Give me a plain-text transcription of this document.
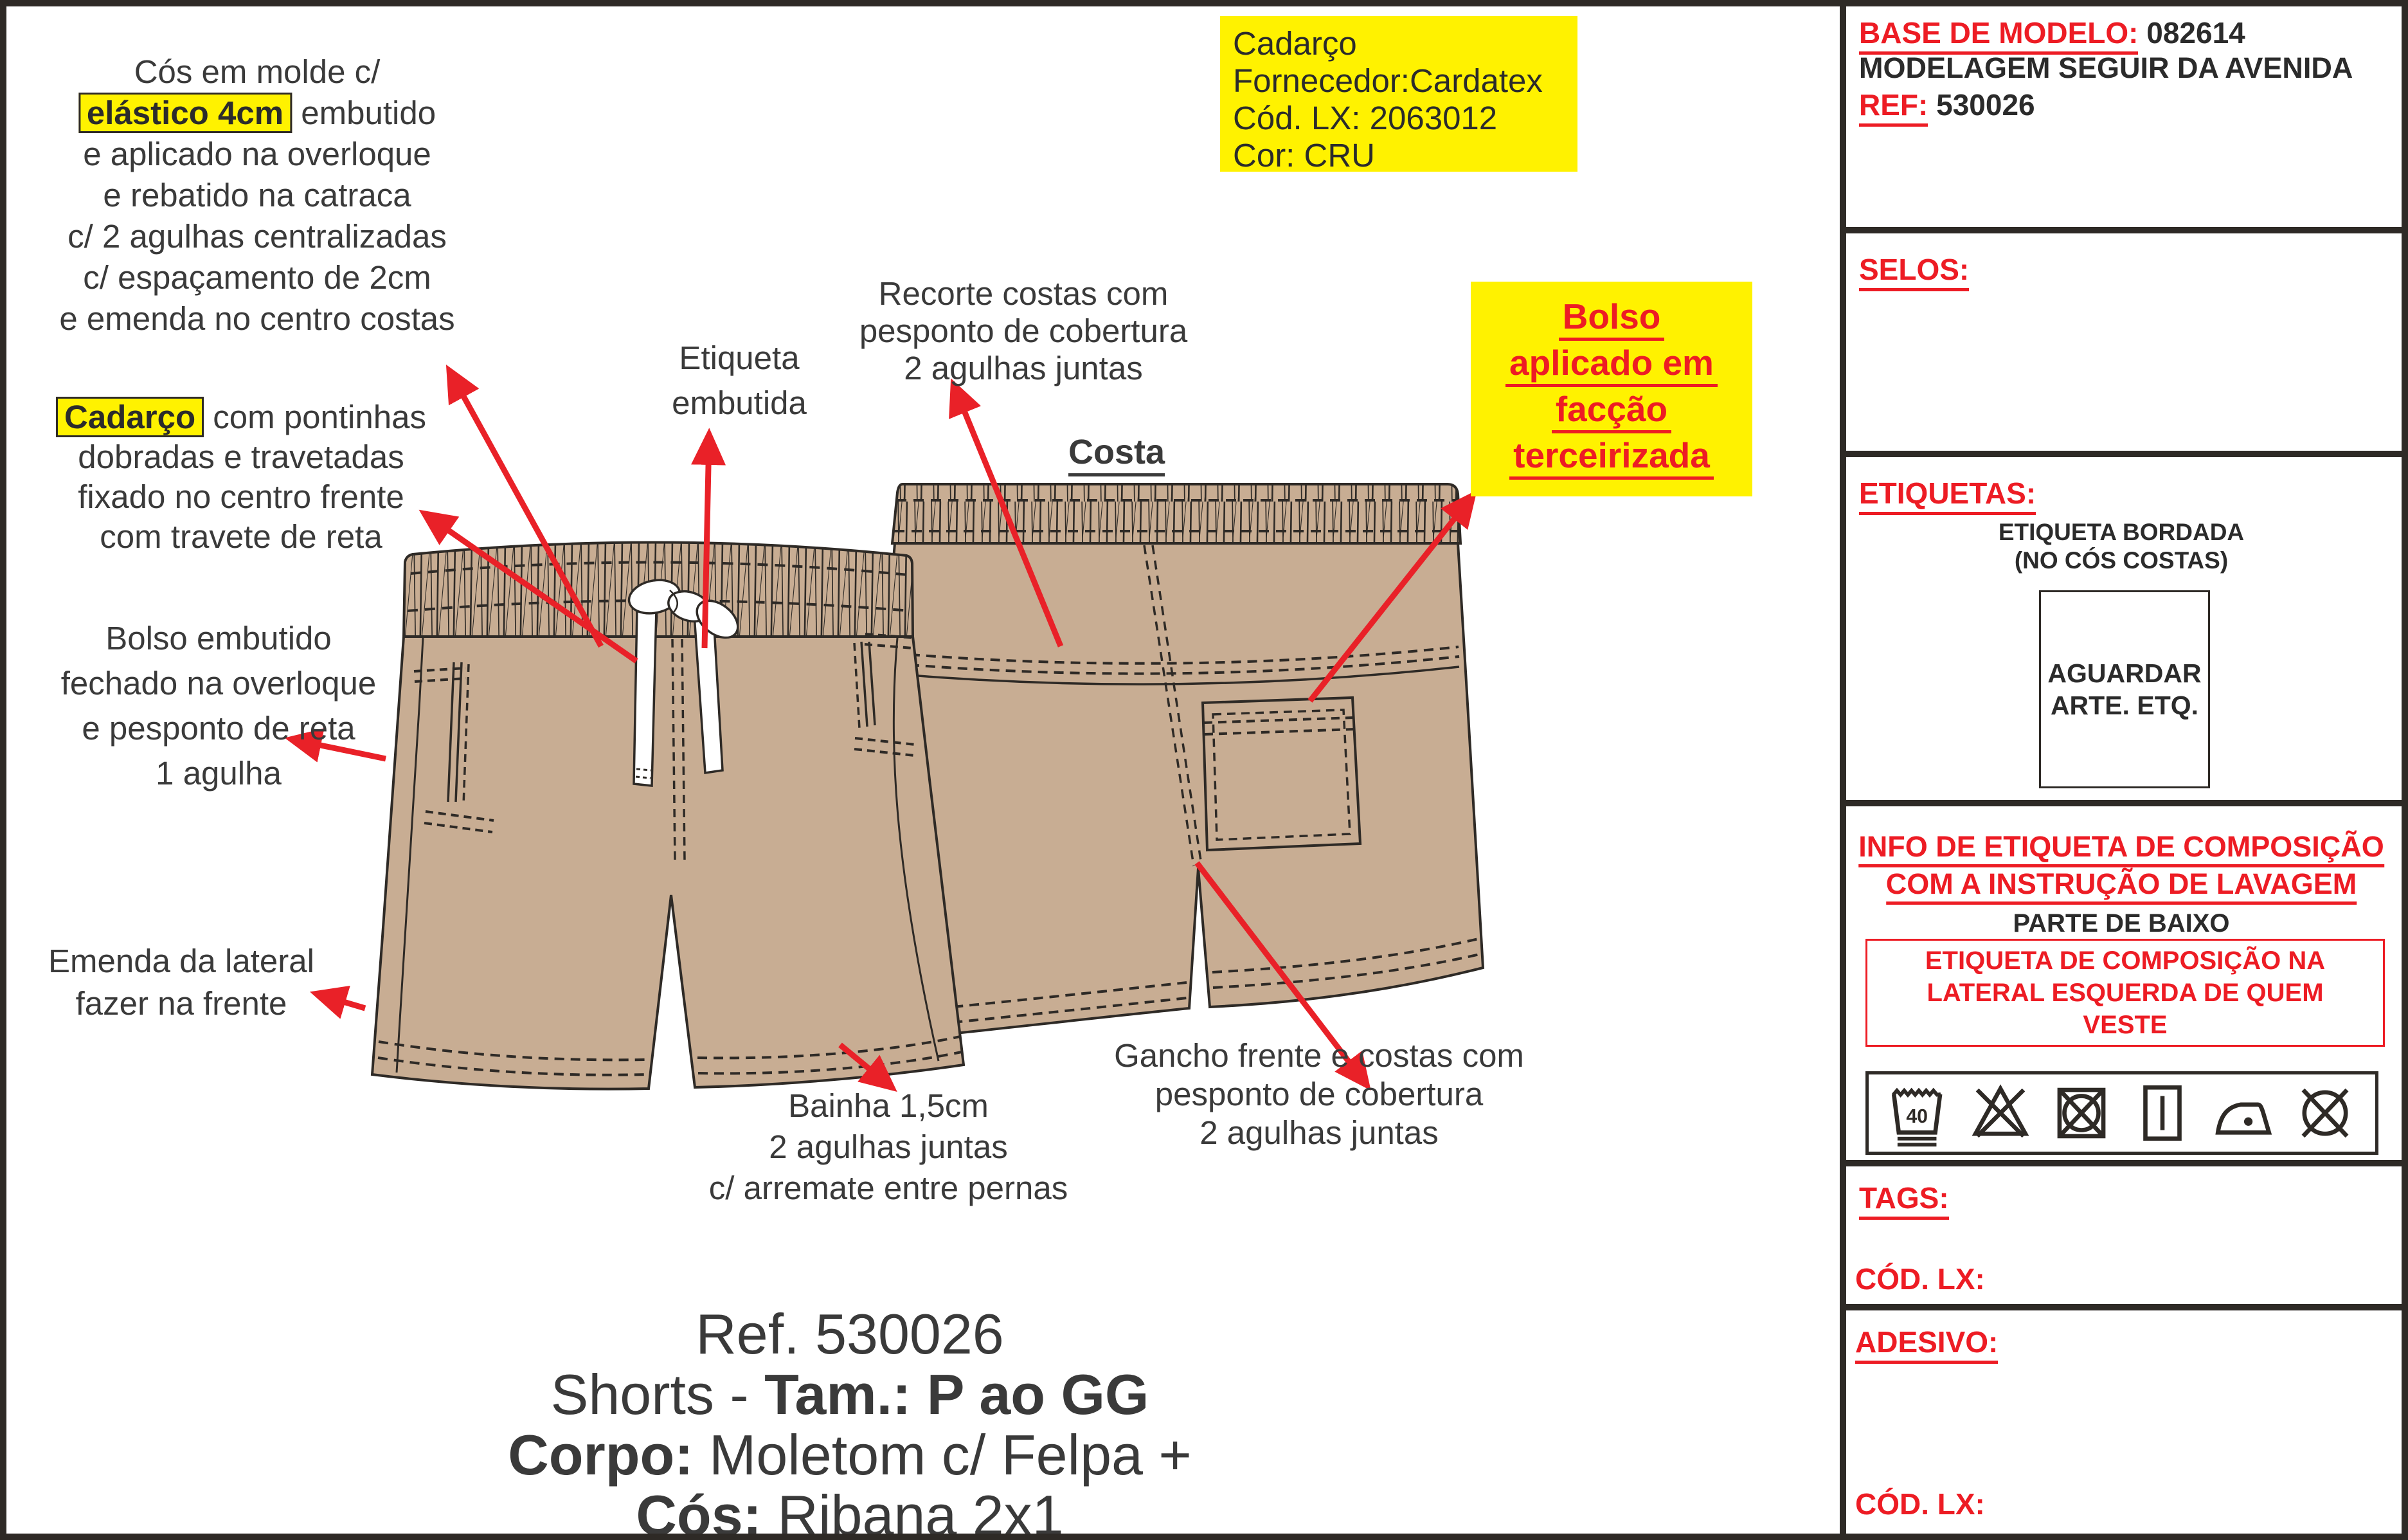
Cós em molde c/
elástico 4cm embutido
e aplicado na overloque
e rebatido na catraca
c/ 2 agulhas centralizadas
c/ espaçamento de 2cm
e emenda no centro costas
Cadarço com pontinhas
dobradas e travetadas
fixado no centro frente
com travete de reta
Bolso embutido
fechado na overloque
e pesponto de reta
1 agulha
Emenda da lateral
fazer na frente
Etiqueta
embutida
Recorte costas com
pesponto de cobertura
2 agulhas juntas
Costa
Bainha 1,5cm
2 agulhas juntas
c/ arremate entre pernas
Gancho frente e costas com
pesponto de cobertura
2 agulhas juntas
Cadarço
Fornecedor:Cardatex
Cód. LX: 2063012
Cor: CRU
Bolso
aplicado em
facção
terceirizada
Ref. 530026
Shorts - Tam.: P ao GG
Corpo: Moletom c/ Felpa +
Cós: Ribana 2x1
BASE DE MODELO: 082614
MODELAGEM SEGUIR DA AVENIDA
REF: 530026
SELOS:
ETIQUETAS:
ETIQUETA BORDADA
(NO CÓS COSTAS)
AGUARDAR
ARTE. ETQ.
INFO DE ETIQUETA DE COMPOSIÇÃO
COM A INSTRUÇÃO DE LAVAGEM
PARTE DE BAIXO
ETIQUETA DE COMPOSIÇÃO NA
LATERAL ESQUERDA DE QUEM
VESTE
40
TAGS:
CÓD. LX:
ADESIVO:
CÓD. LX:
